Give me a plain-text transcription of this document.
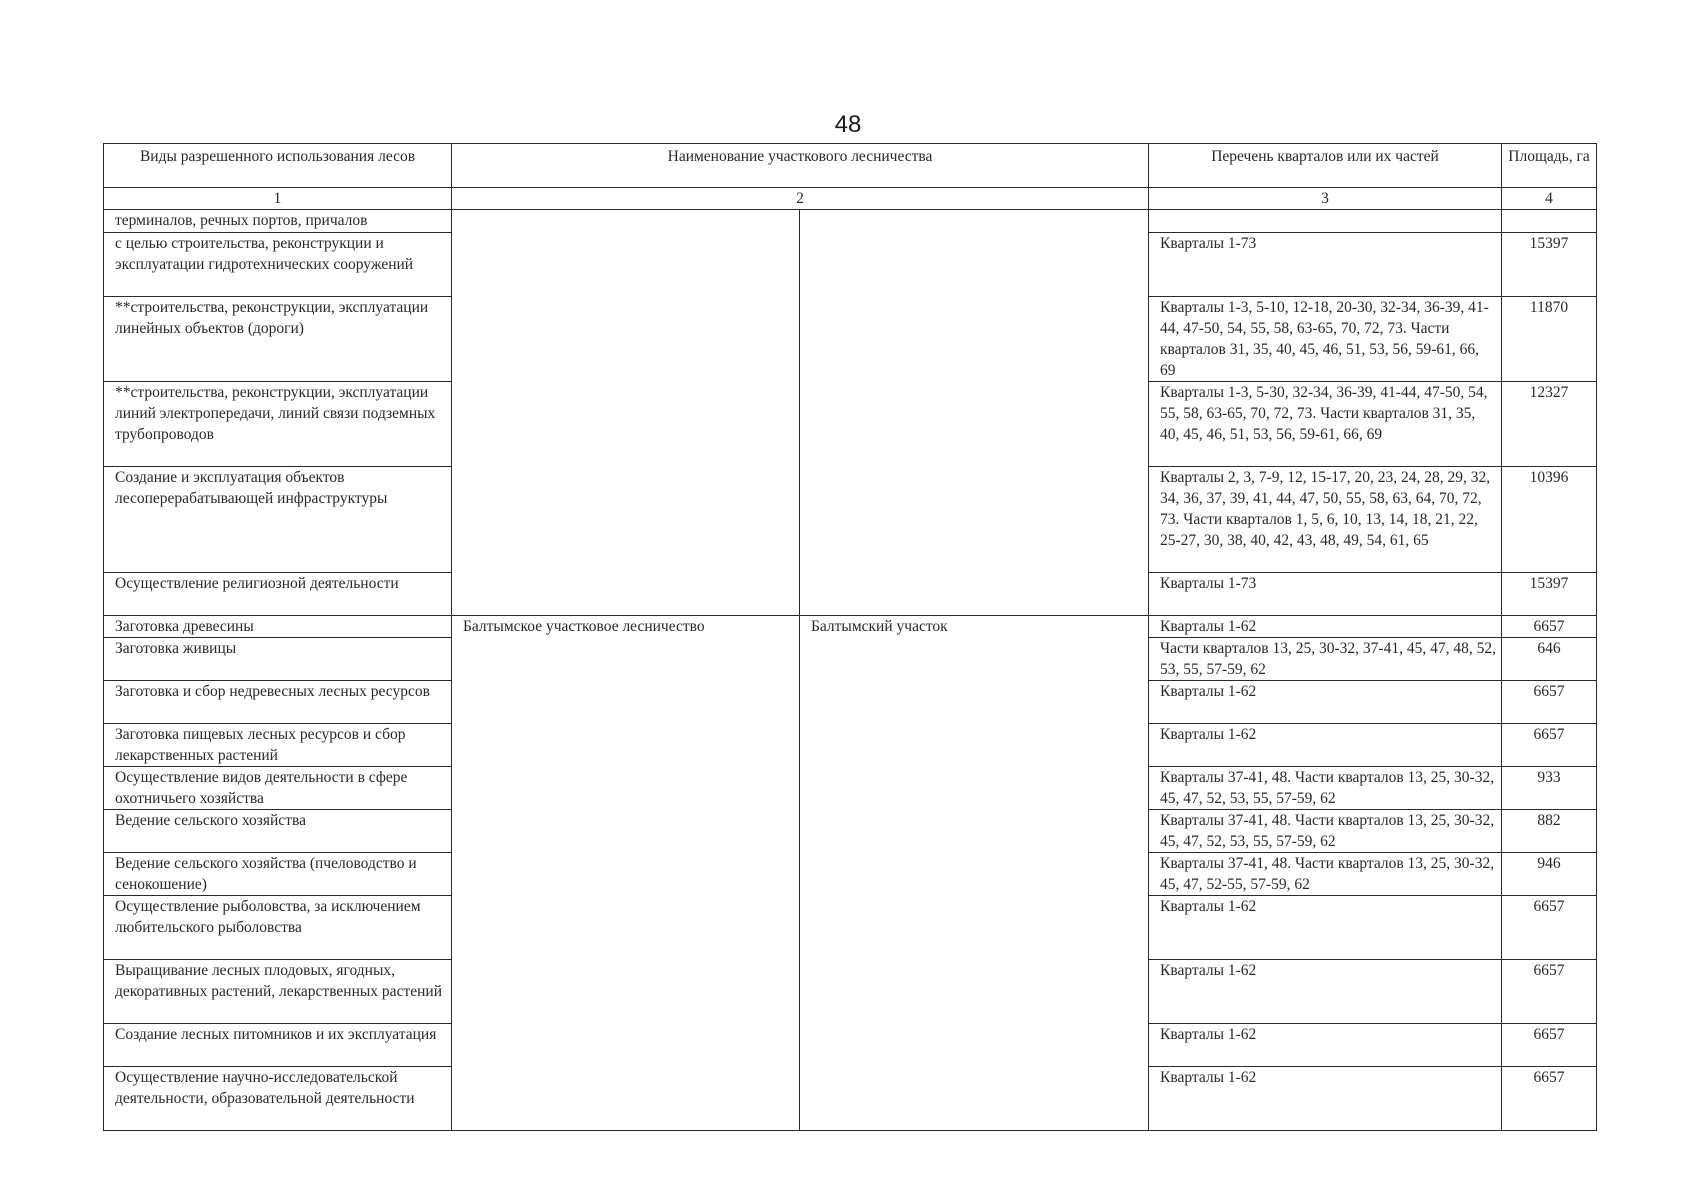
48
Виды разрешенного использования лесов	Наименование участкового лесничества		Перечень кварталов или их частей	Площадь, га
1	2		3	4
терминалов, речных портов, причалов				
с целью строительства, реконструкции и эксплуатации гидротехнических сооружений			Кварталы 1-73	15397
**строительства, реконструкции, эксплуатации линейных объектов (дороги)			Кварталы 1-3, 5-10, 12-18, 20-30, 32-34, 36-39, 41-44, 47-50, 54, 55, 58, 63-65, 70, 72, 73. Части кварталов 31, 35, 40, 45, 46, 51, 53, 56, 59-61, 66, 69	11870
**строительства, реконструкции, эксплуатации линий электропередачи, линий связи подземных трубопроводов			Кварталы 1-3, 5-30, 32-34, 36-39, 41-44, 47-50, 54, 55, 58, 63-65, 70, 72, 73. Части кварталов 31, 35, 40, 45, 46, 51, 53, 56, 59-61, 66, 69	12327
Создание и эксплуатация объектов лесоперерабатывающей инфраструктуры			Кварталы 2, 3, 7-9, 12, 15-17, 20, 23, 24, 28, 29, 32, 34, 36, 37, 39, 41, 44, 47, 50, 55, 58, 63, 64, 70, 72, 73. Части кварталов 1, 5, 6, 10, 13, 14, 18, 21, 22, 25-27, 30, 38, 40, 42, 43, 48, 49, 54, 61, 65	10396
Осуществление религиозной деятельности			Кварталы 1-73	15397
Заготовка древесины	Балтымское участковое лесничество	Балтымский участок	Кварталы 1-62	6657
Заготовка живицы			Части кварталов 13, 25, 30-32, 37-41, 45, 47, 48, 52, 53, 55, 57-59, 62	646
Заготовка и сбор недревесных лесных ресурсов			Кварталы 1-62	6657
Заготовка пищевых лесных ресурсов и сбор лекарственных растений			Кварталы 1-62	6657
Осуществление видов деятельности в сфере охотничьего хозяйства			Кварталы 37-41, 48. Части кварталов 13, 25, 30-32, 45, 47, 52, 53, 55, 57-59, 62	933
Ведение сельского хозяйства			Кварталы 37-41, 48. Части кварталов 13, 25, 30-32, 45, 47, 52, 53, 55, 57-59, 62	882
Ведение сельского хозяйства (пчеловодство и сенокошение)			Кварталы 37-41, 48. Части кварталов 13, 25, 30-32, 45, 47, 52-55, 57-59, 62	946
Осуществление рыболовства, за исключением любительского рыболовства			Кварталы 1-62	6657
Выращивание лесных плодовых, ягодных, декоративных растений, лекарственных растений			Кварталы 1-62	6657
Создание лесных питомников и их эксплуатация			Кварталы 1-62	6657
Осуществление научно-исследовательской деятельности, образовательной деятельности			Кварталы 1-62	6657
